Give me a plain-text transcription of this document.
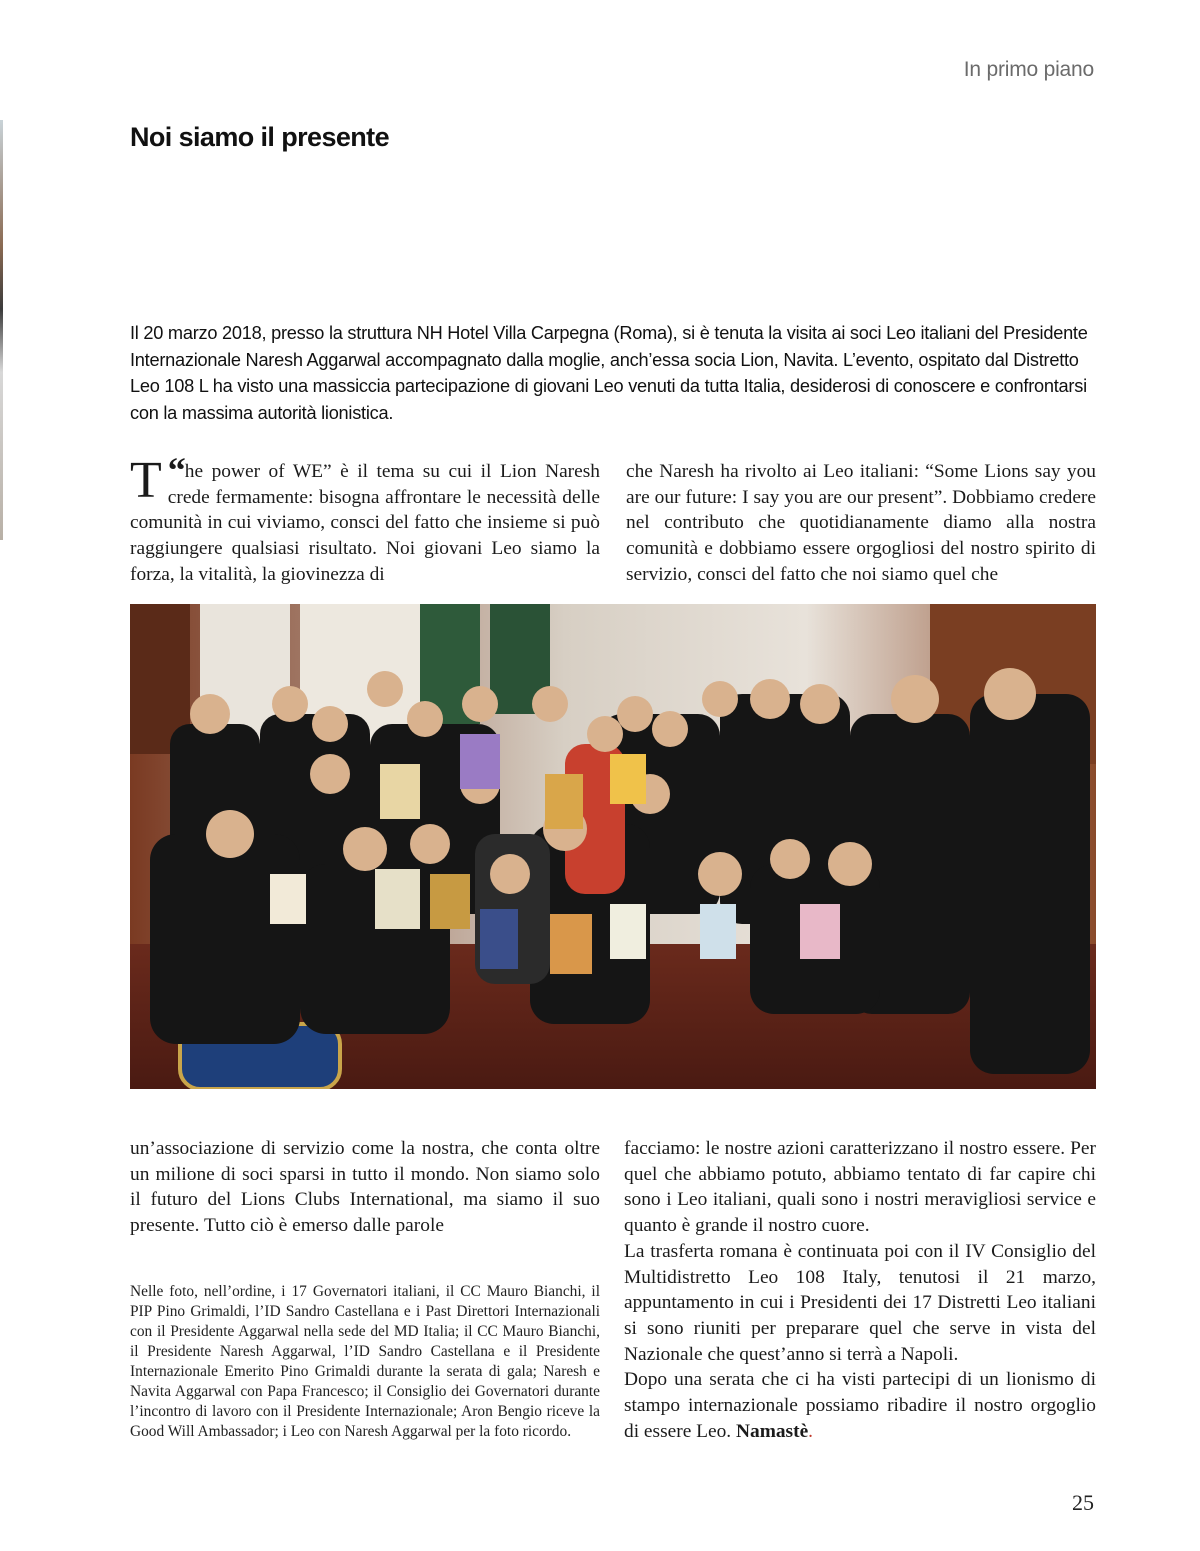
In primo piano
Noi siamo il presente

Il 20 marzo 2018, presso la struttura NH Hotel Villa Carpegna (Roma), si è tenuta la visita ai soci Leo italiani del Presidente Internazionale Naresh Aggarwal accompagnato dalla moglie, anch’essa socia Lion, Navita. L’evento, ospitato dal Distretto Leo 108 L ha visto una massiccia partecipazione di giovani Leo venuti da tutta Italia, desiderosi di conoscere e confrontarsi con la massima autorità lionistica.

“
T he power of WE” è il tema su cui il Lion Naresh crede fermamente: bisogna affrontare le necessità delle comunità in cui viviamo, consci del fatto che insieme si può raggiungere qualsiasi risultato. Noi giovani Leo siamo la forza, la vitalità, la giovinezza di

che Naresh ha rivolto ai Leo italiani: “Some Lions say you are our future: I say you are our present”. Dobbiamo credere nel contributo che quotidianamente diamo alla nostra comunità e dobbiamo essere orgogliosi del nostro spirito di servizio, consci del fatto che noi siamo quel che

un’associazione di servizio come la nostra, che conta oltre un milione di soci sparsi in tutto il mondo. Non siamo solo il futuro del Lions Clubs International, ma siamo il suo presente. Tutto ciò è emerso dalle parole

Nelle foto, nell’ordine, i 17 Governatori italiani, il CC Mauro Bianchi, il PIP Pino Grimaldi, l’ID Sandro Castellana e i Past Direttori Internazionali con il Presidente Aggarwal nella sede del MD Italia; il CC Mauro Bianchi, il Presidente Naresh Aggarwal, l’ID Sandro Castellana e il Presidente Internazionale Emerito Pino Grimaldi durante la serata di gala; Naresh e Navita Aggarwal con Papa Francesco; il Consiglio dei Governatori durante l’incontro di lavoro con il Presidente Internazionale; Aron Bengio riceve la Good Will Ambassador; i Leo con Naresh Aggarwal per la foto ricordo.

facciamo: le nostre azioni caratterizzano il nostro essere. Per quel che abbiamo potuto, abbiamo tentato di far capire chi sono i Leo italiani, quali sono i nostri meravigliosi service e quanto è grande il nostro cuore.

La trasferta romana è continuata poi con il IV Consiglio del Multidistretto Leo 108 Italy, tenutosi il 21 marzo, appuntamento in cui i Presidenti dei 17 Distretti Leo italiani si sono riuniti per preparare quel che serve in vista del Nazionale che quest’anno si terrà a Napoli.

Dopo una serata che ci ha visti partecipi di un lionismo di stampo internazionale possiamo ribadire il nostro orgoglio di essere Leo. Namastè.

25
